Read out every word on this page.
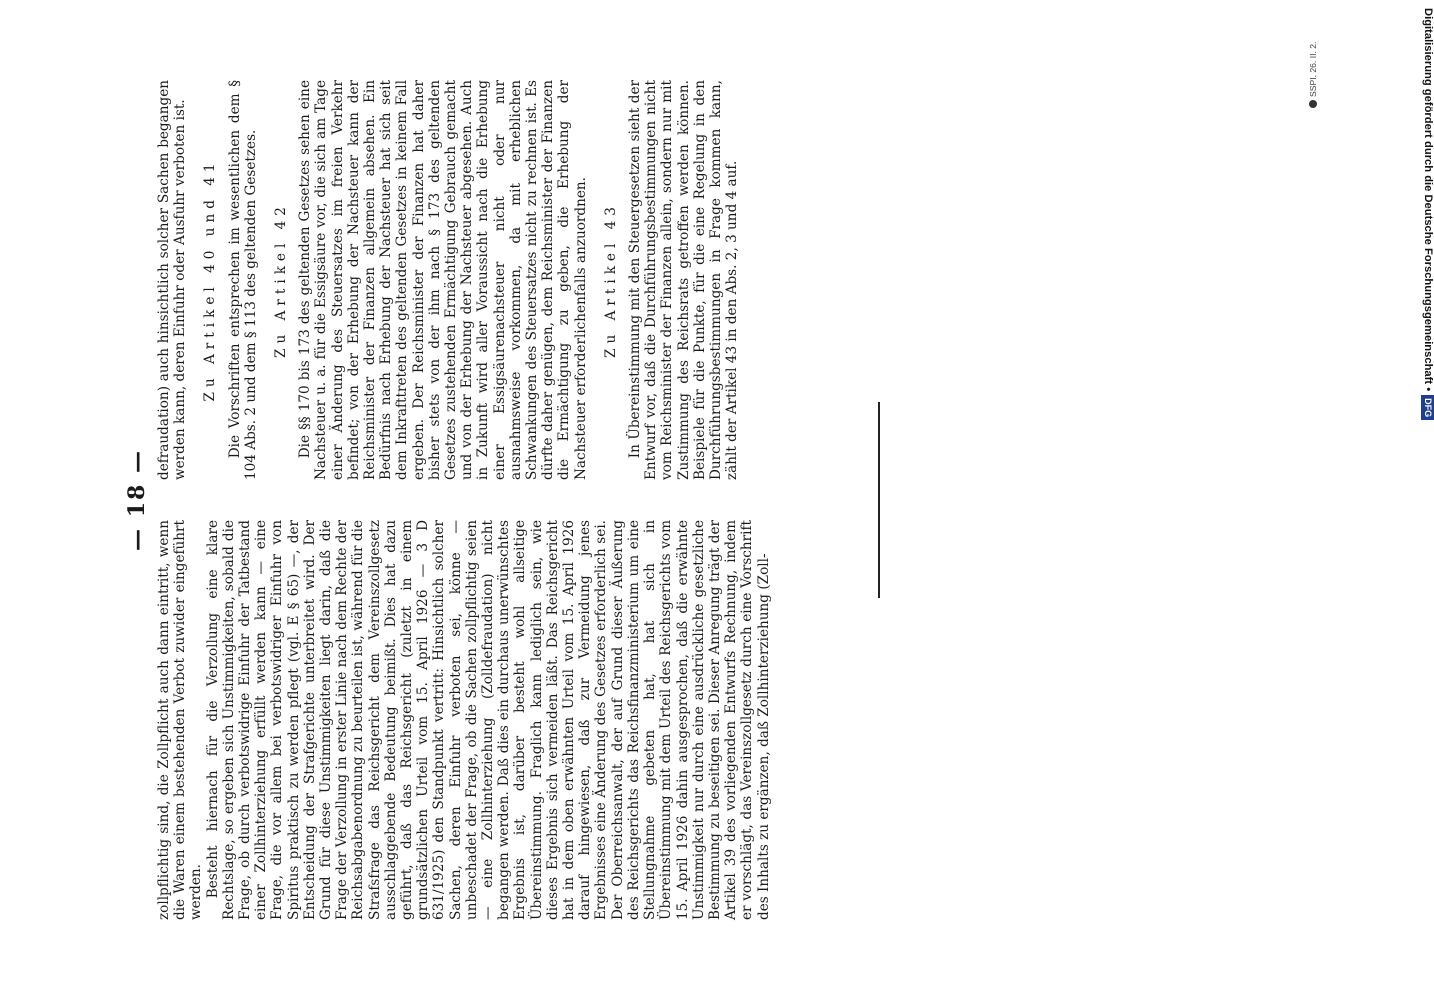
— 18 —

zollpflichtig sind, die Zollpflicht auch dann eintritt, wenn die Waren einem bestehenden Verbot zuwider eingeführt werden. Besteht hiernach für die Verzollung eine klare Rechtslage, so ergeben sich Unstimmigkeiten, sobald die Frage, ob durch verbotswidrige Einfuhr der Tatbestand einer Zollhinterziehung erfüllt werden kann — eine Frage, die vor allem bei verbotswidriger Einfuhr von Spiritus praktisch zu werden pflegt (vgl. E § 65) —, der Entscheidung der Strafgerichte unterbreitet wird. Der Grund für diese Unstimmigkeiten liegt darin, daß die Frage der Verzollung in erster Linie nach dem Rechte der Reichsabgabenordnung zu beurteilen ist, während für die Strafsfrage das Reichsgericht dem Vereinszollgesetz ausschlaggebende Bedeutung beimißt. Dies hat dazu geführt, daß das Reichsgericht (zuletzt in einem grundsätzlichen Urteil vom 15. April 1926 — 3 D 631/1925) den Standpunkt vertritt: Hinsichtlich solcher Sachen, deren Einfuhr verboten sei, könne — unbeschadet der Frage, ob die Sachen zollpflichtig seien — eine Zollhinterziehung (Zolldefraudation) nicht begangen werden. Daß dies ein durchaus unerwünschtes Ergebnis ist, darüber besteht wohl allseitige Übereinstimmung. Fraglich kann lediglich sein, wie dieses Ergebnis sich vermeiden läßt. Das Reichsgericht hat in dem oben erwähnten Urteil vom 15. April 1926 darauf hingewiesen, daß zur Vermeidung jenes Ergebnisses eine Änderung des Gesetzes erforderlich sei. Der Oberreichsanwalt, der auf Grund dieser Äußerung des Reichsgerichts das Reichsfinanzministerium um eine Stellungnahme gebeten hat, hat sich in Übereinstimmung mit dem Urteil des Reichsgerichts vom 15. April 1926 dahin ausgesprochen, daß die erwähnte Unstimmigkeit nur durch eine ausdrückliche gesetzliche Bestimmung zu beseitigen sei. Dieser Anregung trägt der Artikel 39 des vorliegenden Entwurfs Rechnung, indem er vorschlägt, das Vereinszollgesetz durch eine Vorschrift des Inhalts zu ergänzen, daß Zollhinterziehung (Zoll-

defraudation) auch hinsichtlich solcher Sachen begangen werden kann, deren Einfuhr oder Ausfuhr verboten ist. Zu Artikel 40 und 41 Die Vorschriften entsprechen im wesentlichen dem § 104 Abs. 2 und dem § 113 des geltenden Gesetzes. Zu Artikel 42 Die §§ 170 bis 173 des geltenden Gesetzes sehen eine Nachsteuer u. a. für die Essigsäure vor, die sich am Tage einer Änderung des Steuersatzes im freien Verkehr befindet; von der Erhebung der Nachsteuer kann der Reichsminister der Finanzen allgemein absehen. Ein Bedürfnis nach Erhebung der Nachsteuer hat sich seit dem Inkrafttreten des geltenden Gesetzes in keinem Fall ergeben. Der Reichsminister der Finanzen hat daher bisher stets von der ihm nach § 173 des geltenden Gesetzes zustehenden Ermächtigung Gebrauch gemacht und von der Erhebung der Nachsteuer abgesehen. Auch in Zukunft wird aller Voraussicht nach die Erhebung einer Essigsäurenachsteuer nicht oder nur ausnahmsweise vorkommen, da mit erheblichen Schwankungen des Steuersatzes nicht zu rechnen ist. Es dürfte daher genügen, dem Reichsminister der Finanzen die Ermächtigung zu geben, die Erhebung der Nachsteuer erforderlichenfalls anzuordnen. Zu Artikel 43 In Übereinstimmung mit den Steuergesetzen sieht der Entwurf vor, daß die Durchführungsbestimmungen nicht vom Reichsminister der Finanzen allein, sondern nur mit Zustimmung des Reichsrats getroffen werden können. Beispiele für die Punkte, für die eine Regelung in den Durchführungsbestimmungen in Frage kommen kann, zählt der Artikel 43 in den Abs. 2, 3 und 4 auf.

SSPI. 26. II. 2.	Digitalisierung gefördert durch die Deutsche Forschungsgemeinschaft •
DFG
